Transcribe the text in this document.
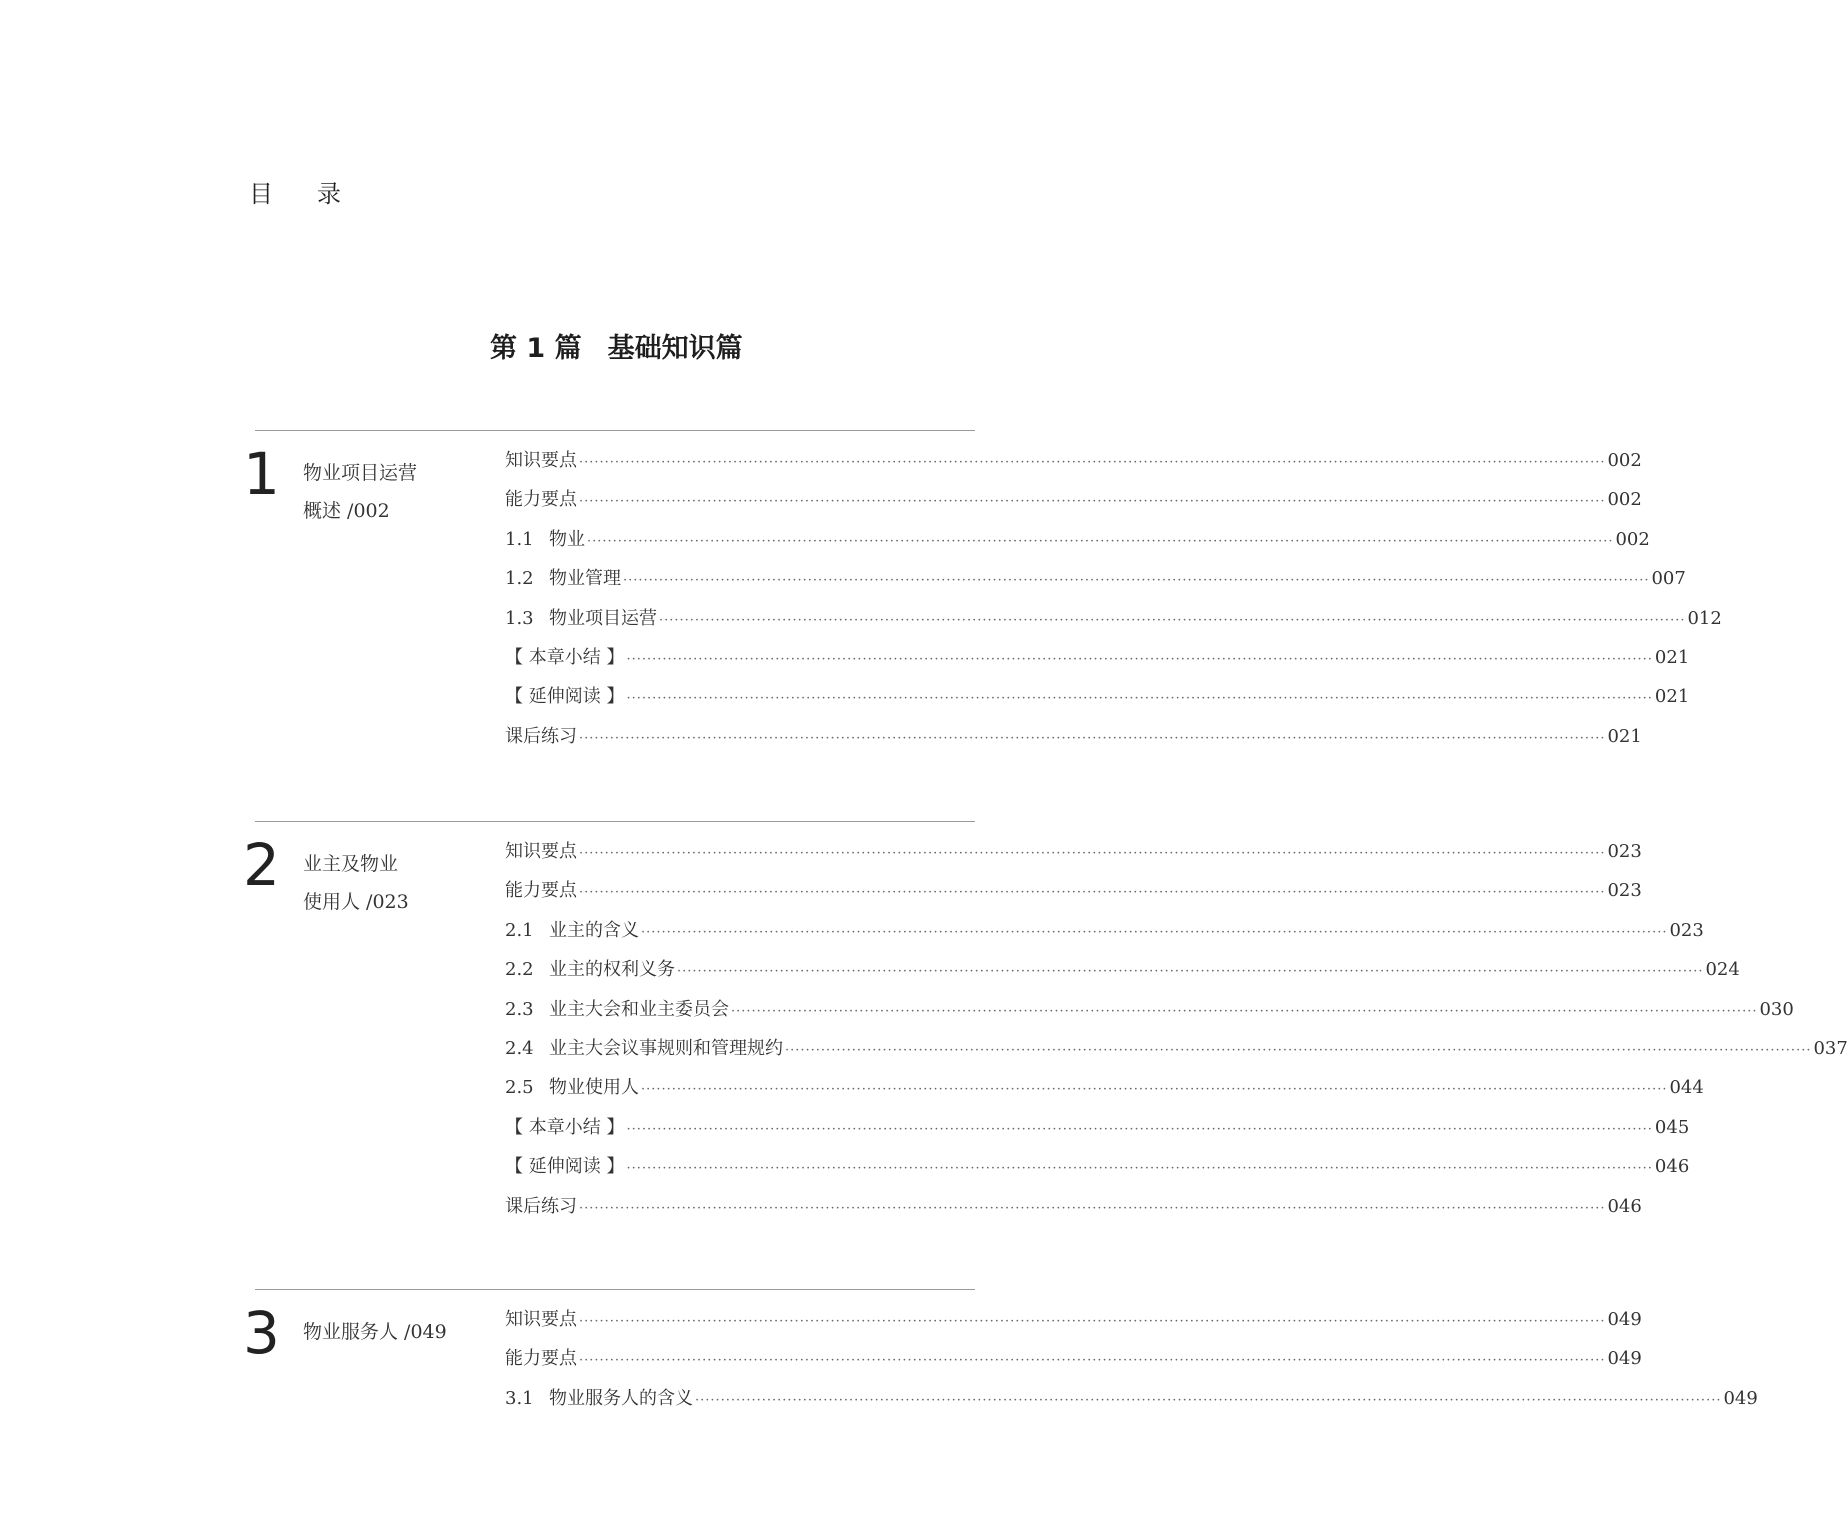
目 录
第 1 篇 基础知识篇
1 物业项目运营
概述 /002
知识要点 ········································································································································································································ 002
能力要点 ········································································································································································································ 002
1.1 物业 ········································································································································································································ 002
1.2 物业管理 ········································································································································································································ 007
1.3 物业项目运营 ········································································································································································································ 012
【 本章小结 】 ········································································································································································································ 021
【 延伸阅读 】 ········································································································································································································ 021
课后练习 ········································································································································································································ 021
2 业主及物业
使用人 /023
知识要点 ········································································································································································································ 023
能力要点 ········································································································································································································ 023
2.1 业主的含义 ········································································································································································································ 023
2.2 业主的权利义务 ········································································································································································································ 024
2.3 业主大会和业主委员会 ········································································································································································································ 030
2.4 业主大会议事规则和管理规约 ········································································································································································································ 037
2.5 物业使用人 ········································································································································································································ 044
【 本章小结 】 ········································································································································································································ 045
【 延伸阅读 】 ········································································································································································································ 046
课后练习 ········································································································································································································ 046
3 物业服务人 /049
知识要点 ········································································································································································································ 049
能力要点 ········································································································································································································ 049
3.1 物业服务人的含义 ········································································································································································································ 049
